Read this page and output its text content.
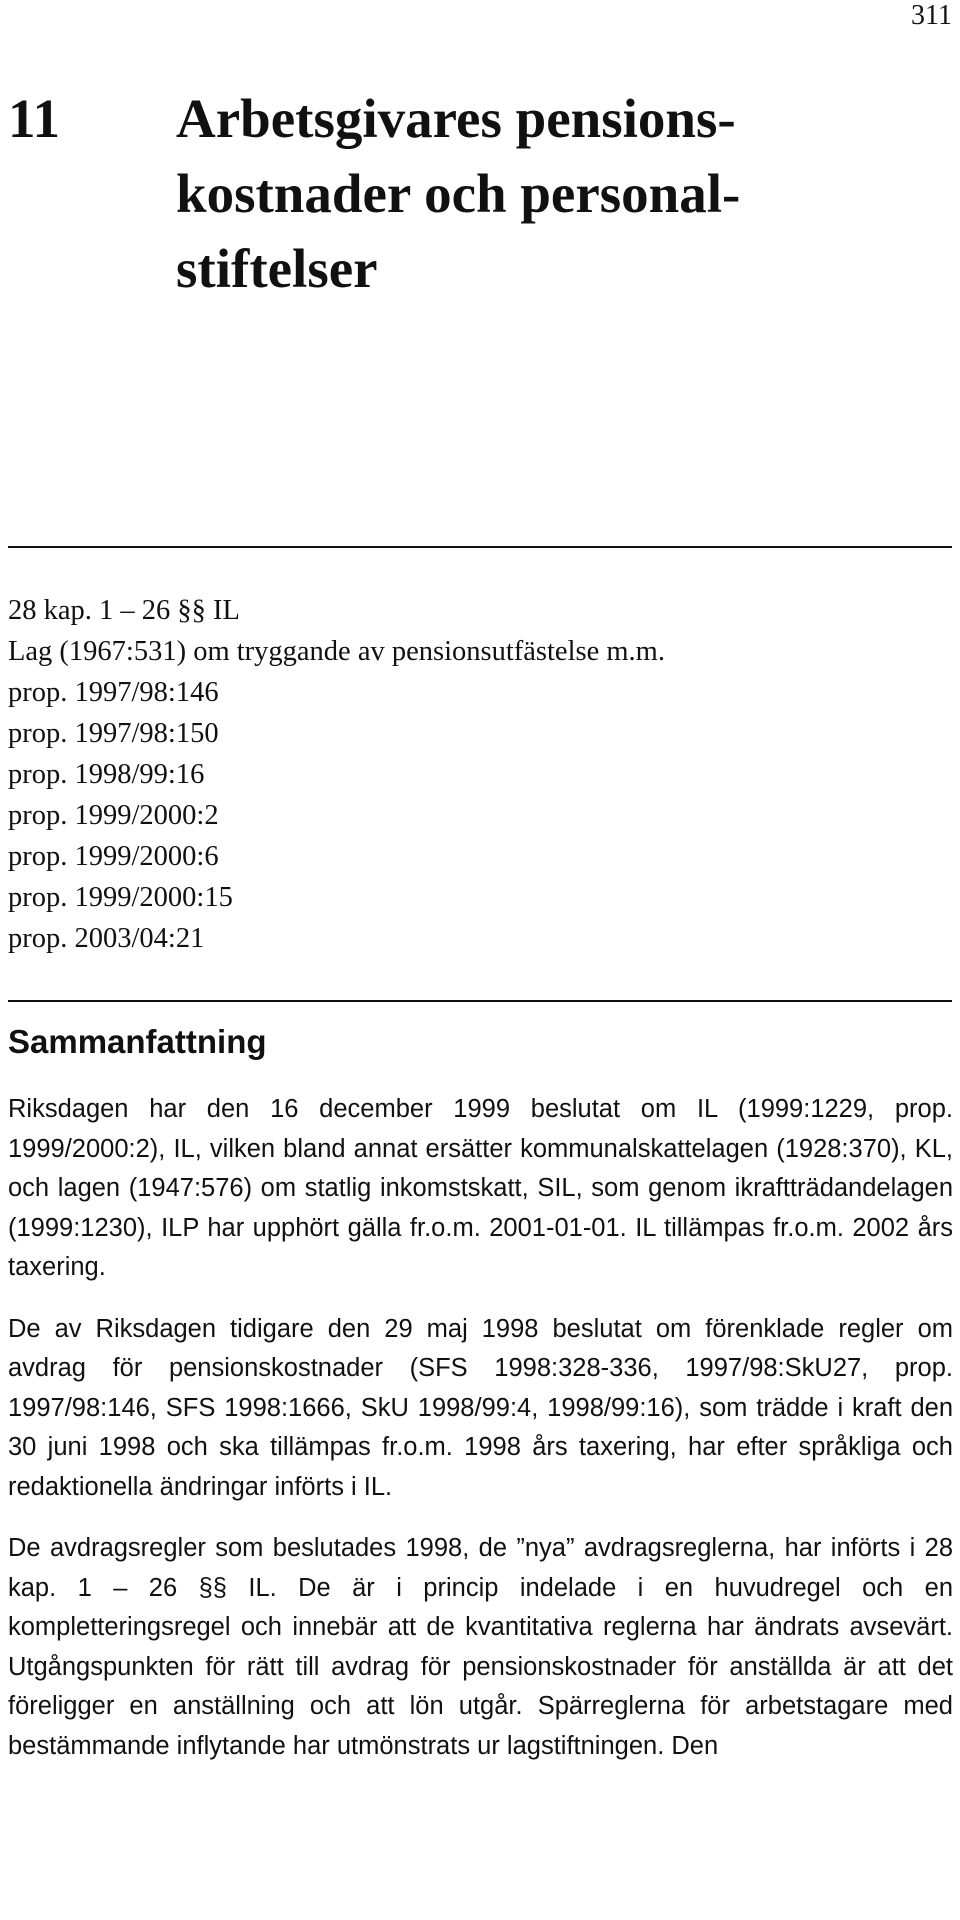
311
11 Arbetsgivares pensions-
kostnader och personal-
stiftelser
28 kap. 1 – 26 §§ IL
Lag (1967:531) om tryggande av pensionsutfästelse m.m.
prop. 1997/98:146
prop. 1997/98:150
prop. 1998/99:16
prop. 1999/2000:2
prop. 1999/2000:6
prop. 1999/2000:15
prop. 2003/04:21
Sammanfattning

Riksdagen har den 16 december 1999 beslutat om IL (1999:1229, prop. 1999/2000:2), IL, vilken bland annat ersätter kommunalskattelagen (1928:370), KL, och lagen (1947:576) om statlig inkomstskatt, SIL, som genom ikraftträdandelagen (1999:1230), ILP har upphört gälla fr.o.m. 2001-01-01. IL tillämpas fr.o.m. 2002 års taxering.

De av Riksdagen tidigare den 29 maj 1998 beslutat om förenklade regler om avdrag för pensionskostnader (SFS 1998:328-336, 1997/98:SkU27, prop. 1997/98:146, SFS 1998:1666, SkU 1998/99:4, 1998/99:16), som trädde i kraft den 30 juni 1998 och ska tillämpas fr.o.m. 1998 års taxering, har efter språkliga och redaktionella ändringar införts i IL.

De avdragsregler som beslutades 1998, de ”nya” avdragsreglerna, har införts i 28 kap. 1 – 26 §§ IL. De är i princip indelade i en huvudregel och en kompletteringsregel och innebär att de kvantitativa reglerna har ändrats avsevärt. Utgångspunkten för rätt till avdrag för pensionskostnader för anställda är att det föreligger en anställning och att lön utgår. Spärreglerna för arbetstagare med bestämmande inflytande har utmönstrats ur lagstiftningen. Den
